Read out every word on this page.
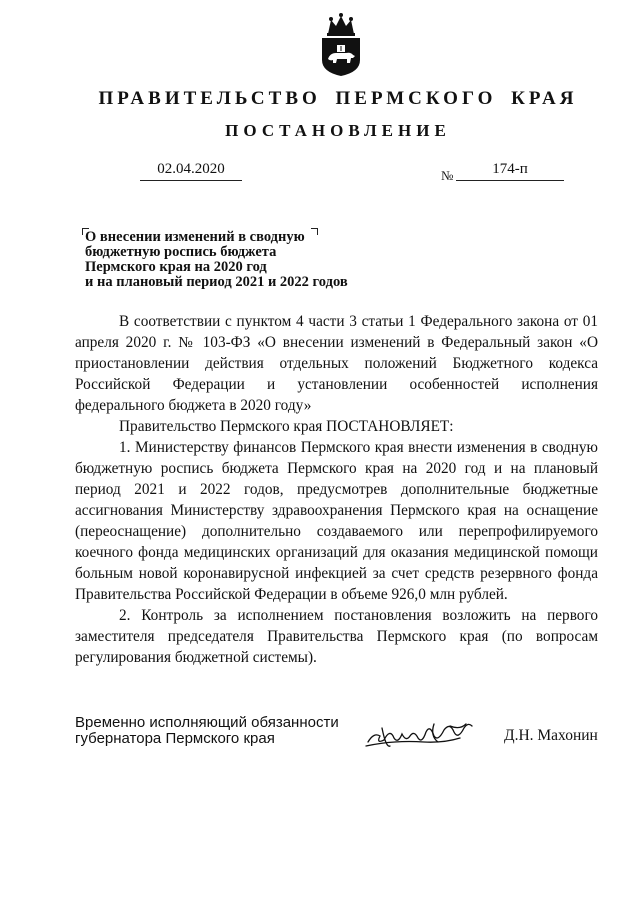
ПРАВИТЕЛЬСТВО ПЕРМСКОГО КРАЯ
ПОСТАНОВЛЕНИЕ
02.04.2020	№	174-п
О внесении изменений в сводную
бюджетную роспись бюджета
Пермского края на 2020 год
и на плановый период 2021 и 2022 годов

В соответствии с пунктом 4 части 3 статьи 1 Федерального закона от 01 апреля 2020 г. № 103-ФЗ «О внесении изменений в Федеральный закон «О приостановлении действия отдельных положений Бюджетного кодекса Российской Федерации и установлении особенностей исполнения федерального бюджета в 2020 году»

Правительство Пермского края ПОСТАНОВЛЯЕТ:

1. Министерству финансов Пермского края внести изменения в сводную бюджетную роспись бюджета Пермского края на 2020 год и на плановый период 2021 и 2022 годов, предусмотрев дополнительные бюджетные ассигнования Министерству здравоохранения Пермского края на оснащение (переоснащение) дополнительно создаваемого или перепрофилируемого коечного фонда медицинских организаций для оказания медицинской помощи больным новой коронавирусной инфекцией за счет средств резервного фонда Правительства Российской Федерации в объеме 926,0 млн рублей.

2. Контроль за исполнением постановления возложить на первого заместителя председателя Правительства Пермского края (по вопросам регулирования бюджетной системы).

Временно исполняющий обязанности
губернатора Пермского края	Д.Н. Махонин
